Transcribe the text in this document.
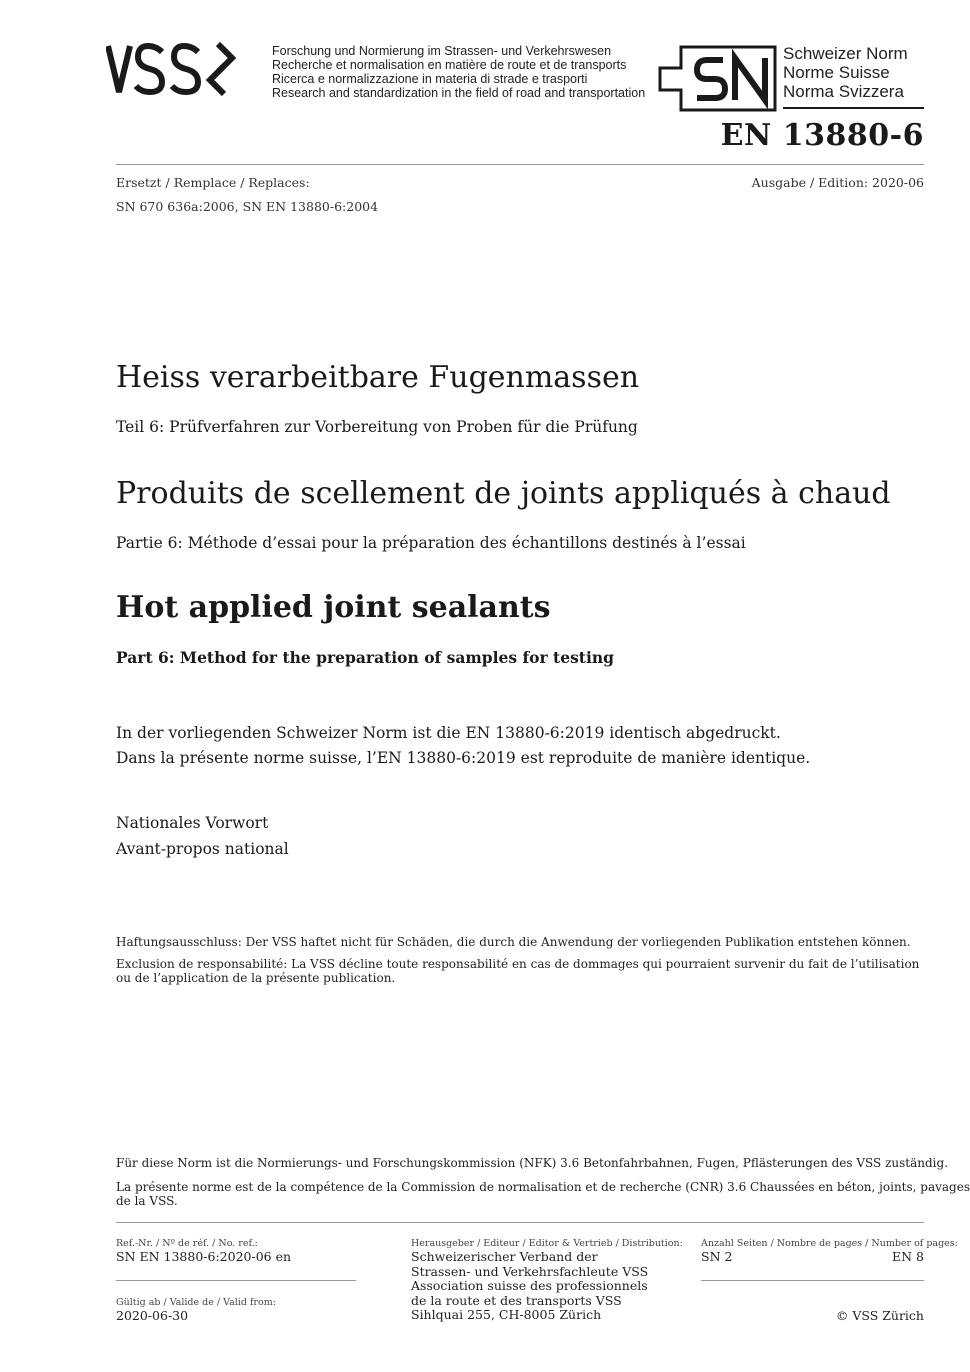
Forschung und Normierung im Strassen- und Verkehrswesen
Recherche et normalisation en matière de route et de transports
Ricerca e normalizzazione in materia di strade e trasporti
Research and standardization in the field of road and transportation
Schweizer Norm
Norme Suisse
Norma Svizzera
EN 13880-6
Ersetzt / Remplace / Replaces:	Ausgabe / Edition: 2020-06
SN 670 636a:2006, SN EN 13880-6:2004
Heiss verarbeitbare Fugenmassen
Teil 6: Prüfverfahren zur Vorbereitung von Proben für die Prüfung
Produits de scellement de joints appliqués à chaud
Partie 6: Méthode d’essai pour la préparation des échantillons destinés à l’essai
Hot applied joint sealants
Part 6: Method for the preparation of samples for testing
In der vorliegenden Schweizer Norm ist die EN 13880-6:2019 identisch abgedruckt.
Dans la présente norme suisse, l’EN 13880-6:2019 est reproduite de manière identique.
Nationales Vorwort
Avant-propos national
Haftungsausschluss: Der VSS haftet nicht für Schäden, die durch die Anwendung der vorliegenden Publikation entstehen können.
Exclusion de responsabilité: La VSS décline toute responsabilité en cas de dommages qui pourraient survenir du fait de l’utilisation
ou de l’application de la présente publication.
Für diese Norm ist die Normierungs- und Forschungskommission (NFK) 3.6 Betonfahrbahnen, Fugen, Pflästerungen des VSS zuständig.
La présente norme est de la compétence de la Commission de normalisation et de recherche (CNR) 3.6 Chaussées en béton, joints, pavages
de la VSS.
Ref.-Nr. / Nº de réf. / No. ref.:
SN EN 13880-6:2020-06 en
Gültig ab / Valide de / Valid from:
2020-06-30
Herausgeber / Editeur / Editor & Vertrieb / Distribution:
Schweizerischer Verband der
Strassen- und Verkehrsfachleute VSS
Association suisse des professionnels
de la route et des transports VSS
Sihlquai 255, CH-8005 Zürich
Anzahl Seiten / Nombre de pages / Number of pages:
SN 2	EN 8
© VSS Zürich
